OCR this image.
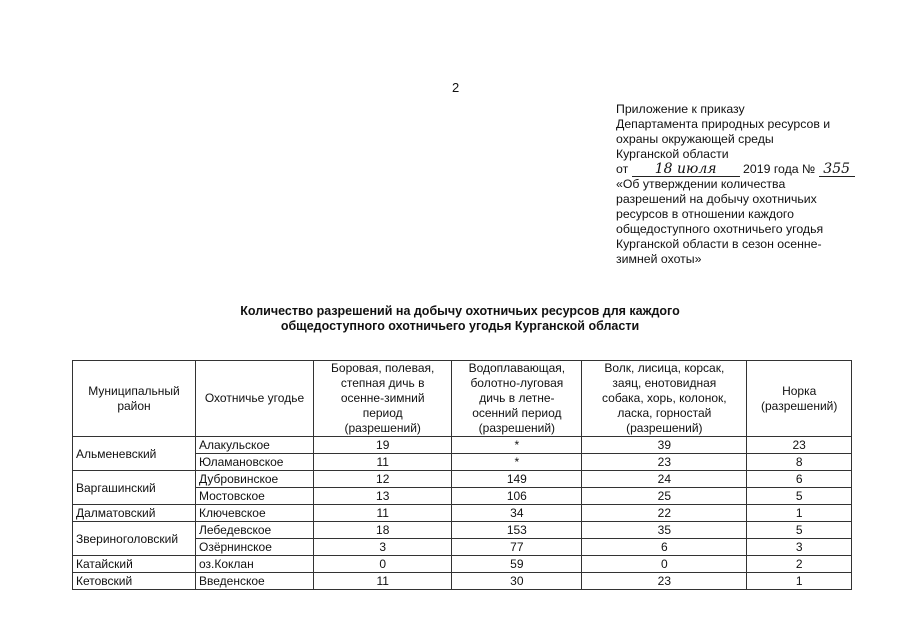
2
Приложение к приказу
Департамента природных ресурсов и
охраны окружающей среды
Курганской области
от 18 июля 2019 года № 355
«Об утверждении количества
разрешений на добычу охотничьих
ресурсов в отношении каждого
общедоступного охотничьего угодья
Курганской области в сезон осенне-
зимней охоты»
Количество разрешений на добычу охотничьих ресурсов для каждого
общедоступного охотничьего угодья Курганской области
Муниципальный
район	Охотничье угодье	Боровая, полевая,
степная дичь в
осенне-зимний
период
(разрешений)	Водоплавающая,
болотно-луговая
дичь в летне-
осенний период
(разрешений)	Волк, лисица, корсак,
заяц, енотовидная
собака, хорь, колонок,
ласка, горностай
(разрешений)	Норка
(разрешений)

Альменевский	Алакульское	19	*	39	23
	Юламановское	11	*	23	8
Варгашинский	Дубровинское	12	149	24	6
	Мостовское	13	106	25	5
Далматовский	Ключевское	11	34	22	1
Звериноголовский	Лебедевское	18	153	35	5
	Озёрнинское	3	77	6	3
Катайский	оз.Коклан	0	59	0	2
Кетовский	Введенское	11	30	23	1
